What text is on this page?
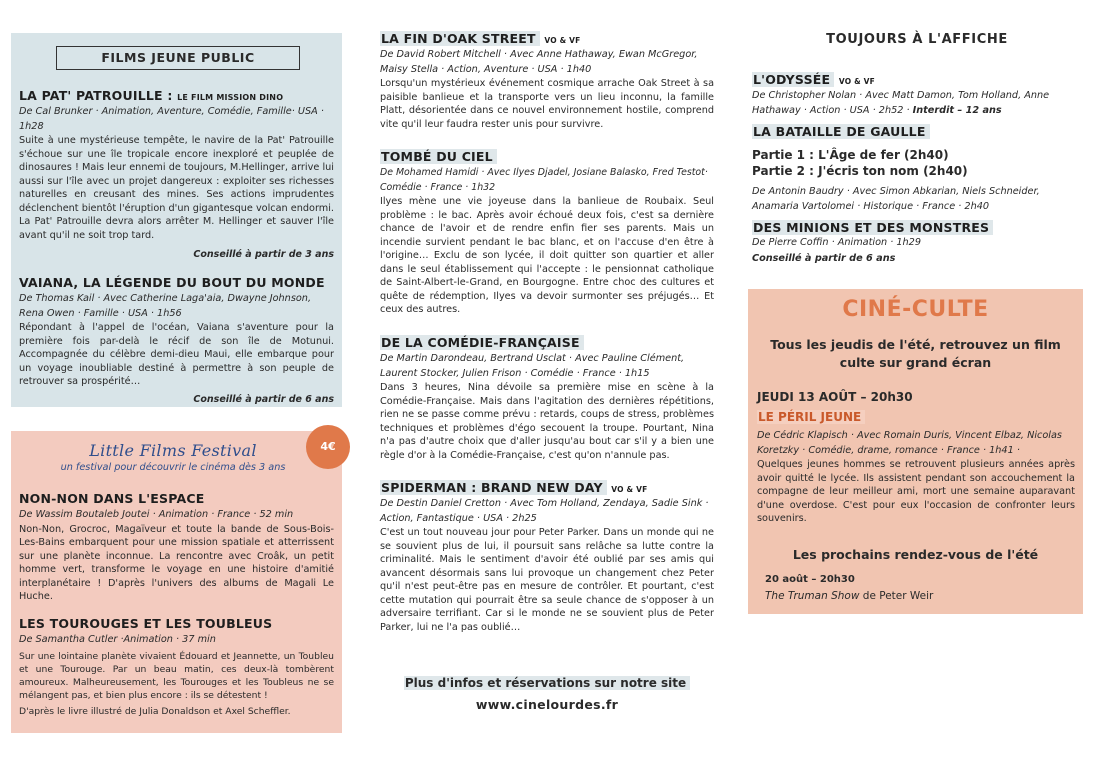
FILMS JEUNE PUBLIC
LA PAT' PATROUILLE : LE FILM MISSION DINO
De Cal Brunker · Animation, Aventure, Comédie, Famille· USA · 1h28
Suite à une mystérieuse tempête, le navire de la Pat' Patrouille s'échoue sur une île tropicale encore inexploré et peuplée de dinosaures ! Mais leur ennemi de toujours, M.Hellinger, arrive lui aussi sur l'île avec un projet dangereux : exploiter ses richesses naturelles en creusant des mines. Ses actions imprudentes déclenchent bientôt l'éruption d'un gigantesque volcan endormi. La Pat' Patrouille devra alors arrêter M. Hellinger et sauver l'île avant qu'il ne soit trop tard.
Conseillé à partir de 3 ans
VAIANA, LA LÉGENDE DU BOUT DU MONDE
De Thomas Kail · Avec Catherine Laga'aia, Dwayne Johnson, Rena Owen · Famille · USA · 1h56
Répondant à l'appel de l'océan, Vaiana s'aventure pour la première fois par-delà le récif de son île de Motunui. Accompagnée du célèbre demi-dieu Maui, elle embarque pour un voyage inoubliable destiné à permettre à son peuple de retrouver sa prospérité…
Conseillé à partir de 6 ans
4€
Little Films Festival
un festival pour découvrir le cinéma dès 3 ans
NON-NON DANS L'ESPACE
De Wassim Boutaleb Joutei · Animation · France · 52 min
Non-Non, Grocroc, Magaïveur et toute la bande de Sous-Bois-Les-Bains embarquent pour une mission spatiale et atterrissent sur une planète inconnue. La rencontre avec Croâk, un petit homme vert, transforme le voyage en une histoire d'amitié interplanétaire ! D'après l'univers des albums de Magali Le Huche.
LES TOUROUGES ET LES TOUBLEUS
De Samantha Cutler ·Animation · 37 min
Sur une lointaine planète vivaient Édouard et Jeannette, un Toubleu et une Tourouge. Par un beau matin, ces deux-là tombèrent amoureux. Malheureusement, les Tourouges et les Toubleus ne se mélangent pas, et bien plus encore : ils se détestent !
D'après le livre illustré de Julia Donaldson et Axel Scheffler.
LA FIN D'OAK STREET VO & VF
De David Robert Mitchell · Avec Anne Hathaway, Ewan McGregor, Maisy Stella · Action, Aventure · USA · 1h40
Lorsqu'un mystérieux événement cosmique arrache Oak Street à sa paisible banlieue et la transporte vers un lieu inconnu, la famille Platt, désorientée dans ce nouvel environnement hostile, comprend vite qu'il leur faudra rester unis pour survivre.
TOMBÉ DU CIEL
De Mohamed Hamidi · Avec Ilyes Djadel, Josiane Balasko, Fred Testot· Comédie · France · 1h32
Ilyes mène une vie joyeuse dans la banlieue de Roubaix. Seul problème : le bac. Après avoir échoué deux fois, c'est sa dernière chance de l'avoir et de rendre enfin fier ses parents. Mais un incendie survient pendant le bac blanc, et on l'accuse d'en être à l'origine… Exclu de son lycée, il doit quitter son quartier et aller dans le seul établissement qui l'accepte : le pensionnat catholique de Saint-Albert-le-Grand, en Bourgogne. Entre choc des cultures et quête de rédemption, Ilyes va devoir surmonter ses préjugés… Et ceux des autres.
DE LA COMÉDIE-FRANÇAISE
De Martin Darondeau, Bertrand Usclat · Avec Pauline Clément, Laurent Stocker, Julien Frison · Comédie · France · 1h15
Dans 3 heures, Nina dévoile sa première mise en scène à la Comédie-Française. Mais dans l'agitation des dernières répétitions, rien ne se passe comme prévu : retards, coups de stress, problèmes techniques et problèmes d'égo secouent la troupe. Pourtant, Nina n'a pas d'autre choix que d'aller jusqu'au bout car s'il y a bien une règle d'or à la Comédie-Française, c'est qu'on n'annule pas.
SPIDERMAN : BRAND NEW DAY VO & VF
De Destin Daniel Cretton · Avec Tom Holland, Zendaya, Sadie Sink · Action, Fantastique · USA · 2h25
C'est un tout nouveau jour pour Peter Parker. Dans un monde qui ne se souvient plus de lui, il poursuit sans relâche sa lutte contre la criminalité. Mais le sentiment d'avoir été oublié par ses amis qui avancent désormais sans lui provoque un changement chez Peter qu'il n'est peut-être pas en mesure de contrôler. Et pourtant, c'est cette mutation qui pourrait être sa seule chance de s'opposer à un adversaire terrifiant. Car si le monde ne se souvient plus de Peter Parker, lui ne l'a pas oublié…
Plus d'infos et réservations sur notre site
www.cinelourdes.fr
TOUJOURS À L'AFFICHE
L'ODYSSÉE VO & VF
De Christopher Nolan · Avec Matt Damon, Tom Holland, Anne Hathaway · Action · USA · 2h52 · Interdit – 12 ans
LA BATAILLE DE GAULLE
Partie 1 : L'Âge de fer (2h40)
Partie 2 : J'écris ton nom (2h40)
De Antonin Baudry · Avec Simon Abkarian, Niels Schneider, Anamaria Vartolomei · Historique · France · 2h40
DES MINIONS ET DES MONSTRES
De Pierre Coffin · Animation · 1h29
Conseillé à partir de 6 ans
CINÉ-CULTE
Tous les jeudis de l'été, retrouvez un film culte sur grand écran
JEUDI 13 AOÛT – 20h30
LE PÉRIL JEUNE
De Cédric Klapisch · Avec Romain Duris, Vincent Elbaz, Nicolas Koretzky · Comédie, drame, romance · France · 1h41 ·
Quelques jeunes hommes se retrouvent plusieurs années après avoir quitté le lycée. Ils assistent pendant son accouchement la compagne de leur meilleur ami, mort une semaine auparavant d'une overdose. C'est pour eux l'occasion de confronter leurs souvenirs.
Les prochains rendez-vous de l'été
20 août – 20h30
The Truman Show de Peter Weir
